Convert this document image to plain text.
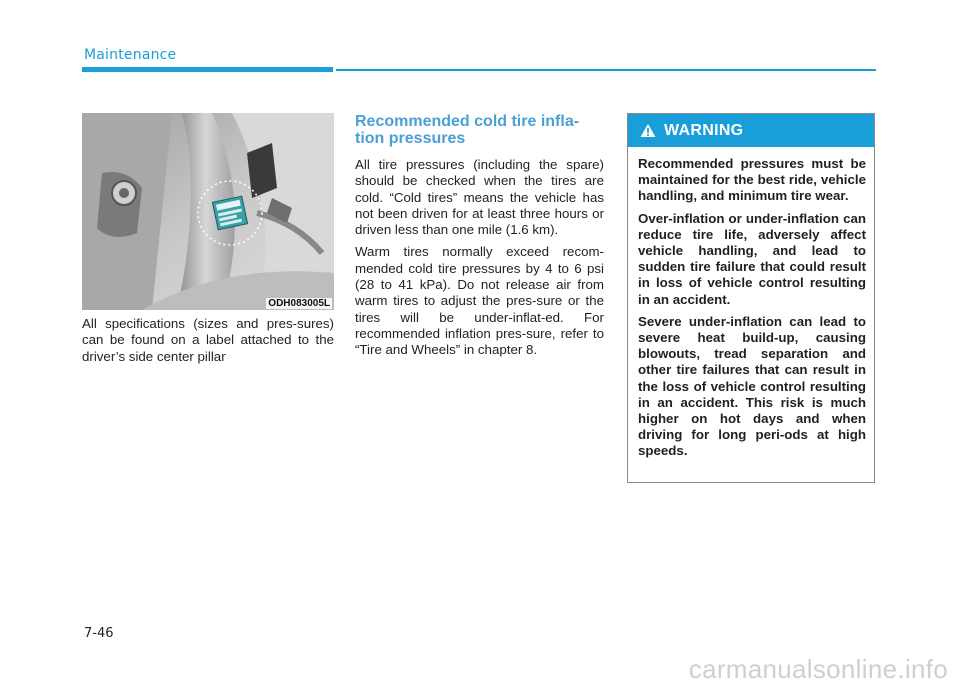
Maintenance
ODH083005L

All specifications (sizes and pres-sures) can be found on a label attached to the driver’s side center pillar

Recommended cold tire infla-tion pressures

All tire pressures (including the spare) should be checked when the tires are cold. “Cold tires” means the vehicle has not been driven for at least three hours or driven less than one mile (1.6 km).

Warm tires normally exceed recom-mended cold tire pressures by 4 to 6 psi (28 to 41 kPa). Do not release air from warm tires to adjust the pres-sure or the tires will be under-inflat-ed. For recommended inflation pres-sure, refer to “Tire and Wheels” in chapter 8.

WARNING

Recommended pressures must be maintained for the best ride, vehicle handling, and minimum tire wear.

Over-inflation or under-inflation can reduce tire life, adversely affect vehicle handling, and lead to sudden tire failure that could result in loss of vehicle control resulting in an accident.

Severe under-inflation can lead to severe heat build-up, causing blowouts, tread separation and other tire failures that can result in the loss of vehicle control resulting in an accident. This risk is much higher on hot days and when driving for long peri-ods at high speeds.

7-46
carmanualsonline.info
